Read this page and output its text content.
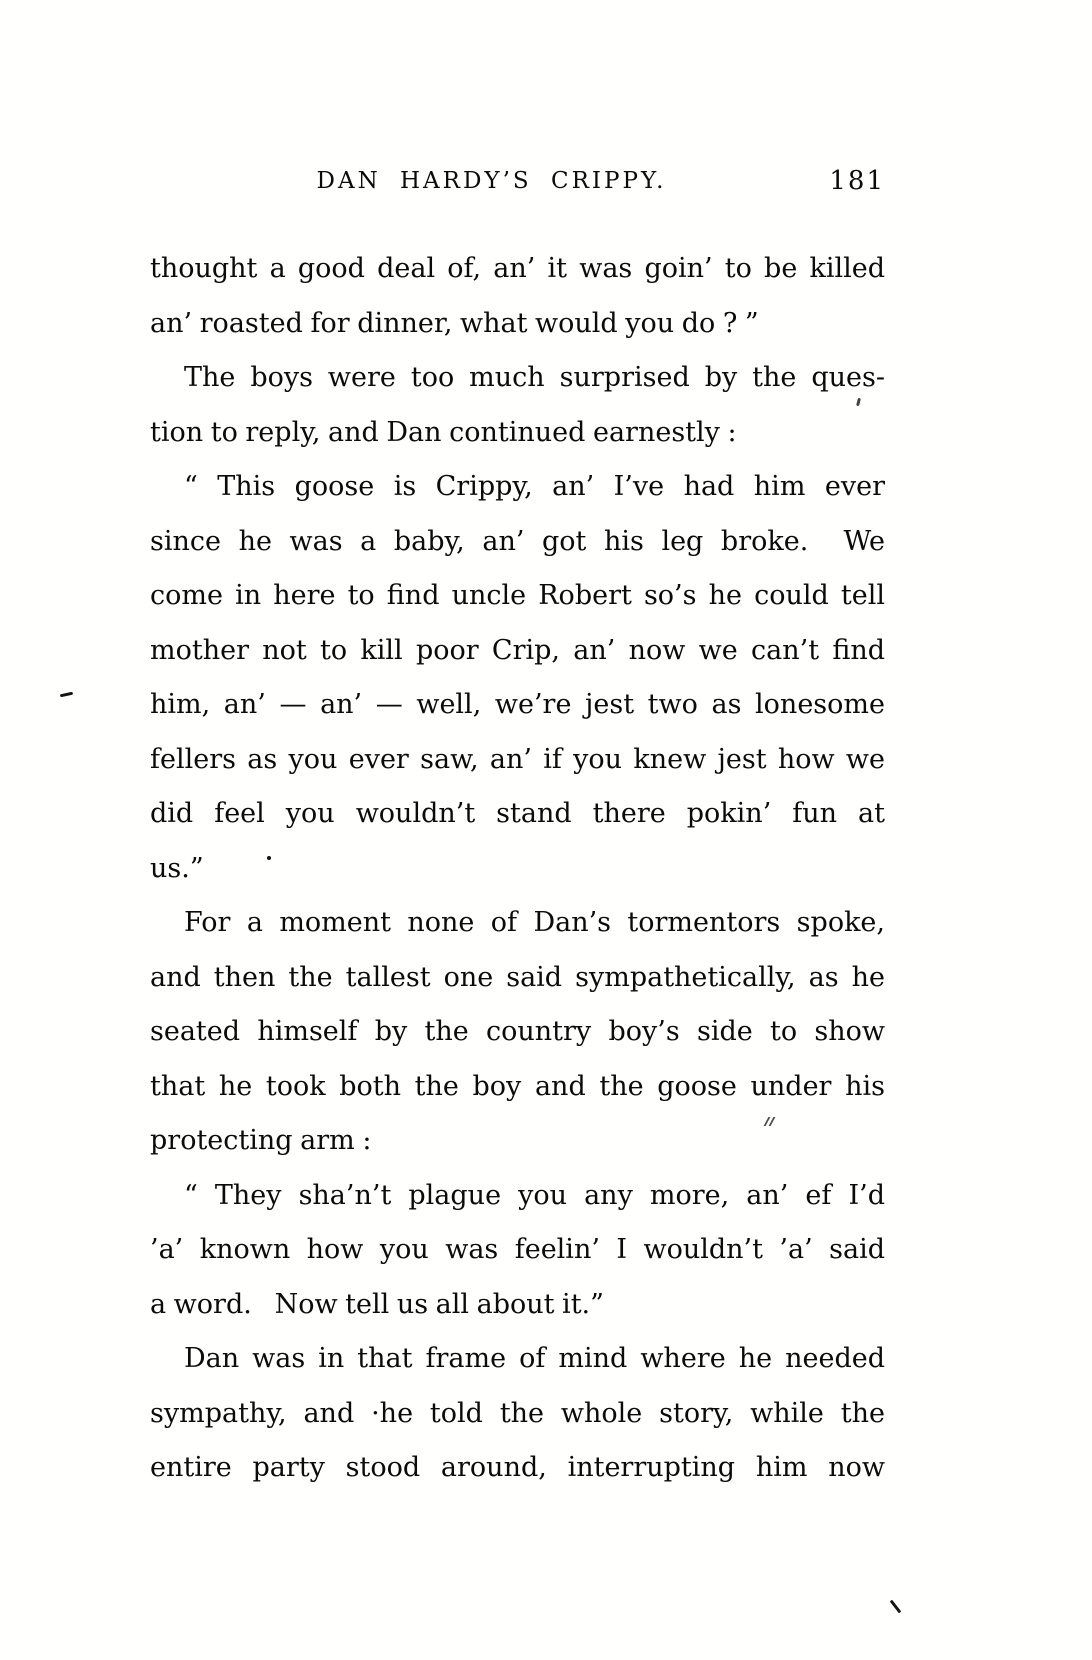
DAN HARDY’S CRIPPY.	181
thought a good deal of, an’ it was goin’ to be killed
an’ roasted for dinner, what would you do ? ”
The boys were too much surprised by the ques-
tion to reply, and Dan continued earnestly :
“ This goose is Crippy, an’ I’ve had him ever
since he was a baby, an’ got his leg broke.  We
come in here to find uncle Robert so’s he could tell
mother not to kill poor Crip, an’ now we can’t find
him, an’ — an’ — well, we’re jest two as lonesome
fellers as you ever saw, an’ if you knew jest how we
did feel you wouldn’t stand there pokin’ fun at
us.”
For a moment none of Dan’s tormentors spoke,
and then the tallest one said sympathetically, as he
seated himself by the country boy’s side to show
that he took both the boy and the goose under his
protecting arm :
“ They sha’n’t plague you any more, an’ ef I’d
’a’ known how you was feelin’ I wouldn’t ’a’ said
a word.   Now tell us all about it.”
Dan was in that frame of mind where he needed
sympathy, and ·he told the whole story, while the
entire party stood around, interrupting him now
